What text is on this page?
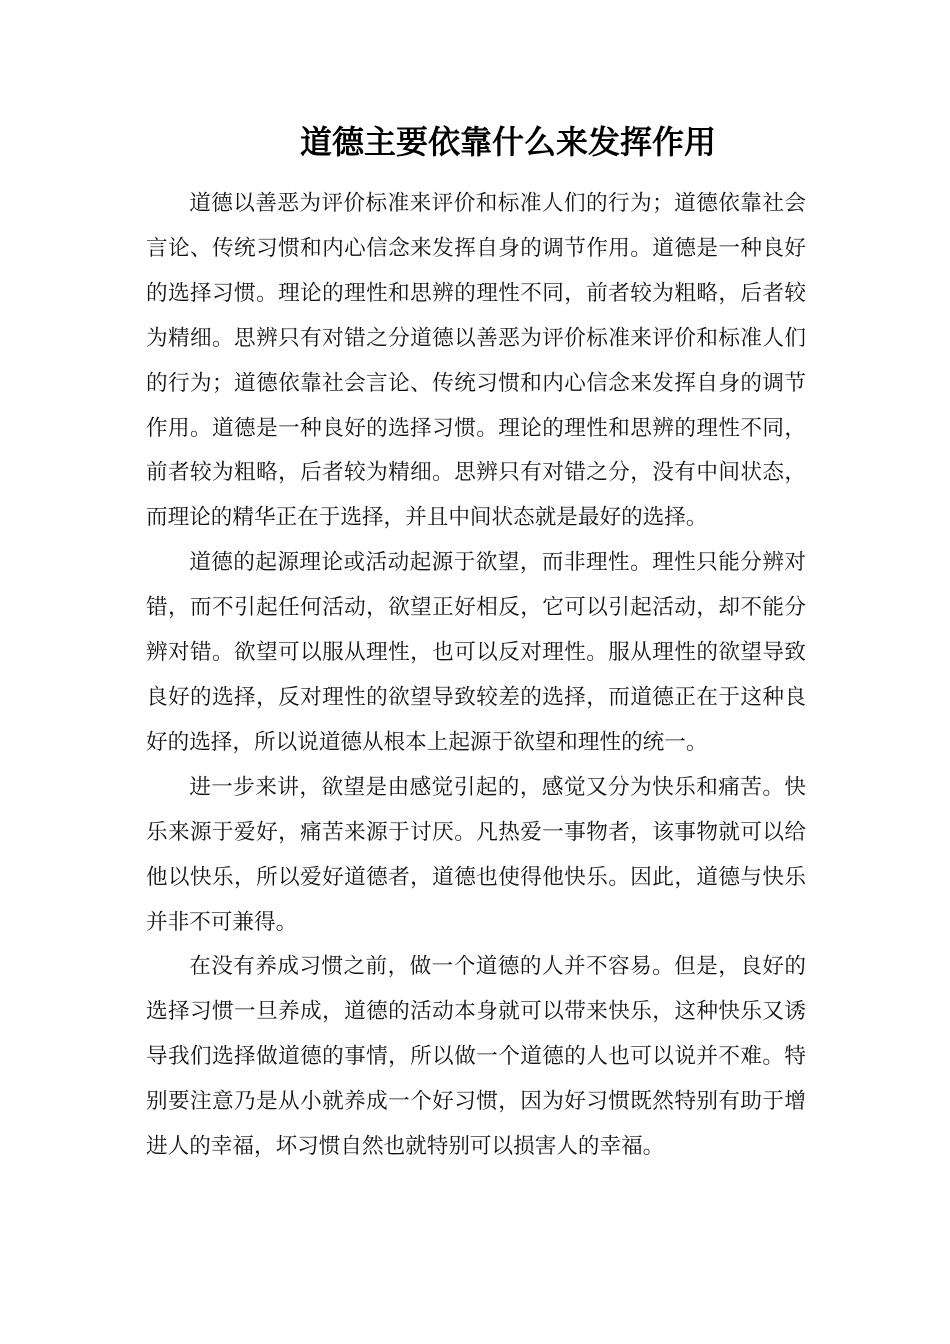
道德主要依靠什么来发挥作用

道德以善恶为评价标准来评价和标准人们的行为；道德依靠社会言论、传统习惯和内心信念来发挥自身的调节作用。道德是一种良好的选择习惯。理论的理性和思辨的理性不同，前者较为粗略，后者较为精细。思辨只有对错之分道德以善恶为评价标准来评价和标准人们的行为；道德依靠社会言论、传统习惯和内心信念来发挥自身的调节作用。道德是一种良好的选择习惯。理论的理性和思辨的理性不同，前者较为粗略，后者较为精细。思辨只有对错之分，没有中间状态，而理论的精华正在于选择，并且中间状态就是最好的选择。

道德的起源理论或活动起源于欲望，而非理性。理性只能分辨对错，而不引起任何活动，欲望正好相反，它可以引起活动，却不能分辨对错。欲望可以服从理性，也可以反对理性。服从理性的欲望导致良好的选择，反对理性的欲望导致较差的选择，而道德正在于这种良好的选择，所以说道德从根本上起源于欲望和理性的统一。

进一步来讲，欲望是由感觉引起的，感觉又分为快乐和痛苦。快乐来源于爱好，痛苦来源于讨厌。凡热爱一事物者，该事物就可以给他以快乐，所以爱好道德者，道德也使得他快乐。因此，道德与快乐并非不可兼得。

在没有养成习惯之前，做一个道德的人并不容易。但是，良好的选择习惯一旦养成，道德的活动本身就可以带来快乐，这种快乐又诱导我们选择做道德的事情，所以做一个道德的人也可以说并不难。特别要注意乃是从小就养成一个好习惯，因为好习惯既然特别有助于增进人的幸福，坏习惯自然也就特别可以损害人的幸福。
